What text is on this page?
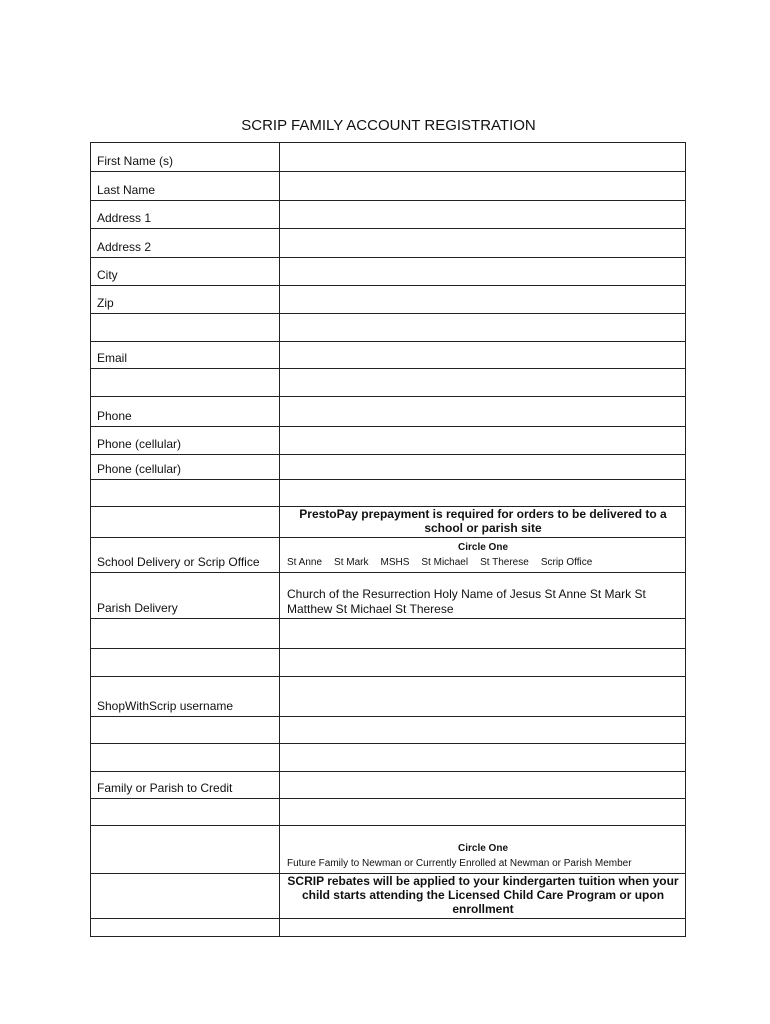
SCRIP FAMILY ACCOUNT REGISTRATION
First Name (s)	
Last Name	
Address 1	
Address 2	
City	
Zip	

Email	

Phone	
Phone (cellular)	
Phone (cellular)	

	PrestoPay prepayment is required for orders to be delivered to a school or parish site
School Delivery or Scrip Office	Circle One
St Anne St Mark MSHS St Michael St Therese Scrip Office

Parish Delivery	Church of the Resurrection Holy Name of Jesus St Anne St Mark St Matthew St Michael St Therese

ShopWithScrip username	

Family or Parish to Credit	

	Circle One
Future Family to Newman or Currently Enrolled at Newman or Parish Member

	SCRIP rebates will be applied to your kindergarten tuition when your child starts attending the Licensed Child Care Program or upon enrollment
